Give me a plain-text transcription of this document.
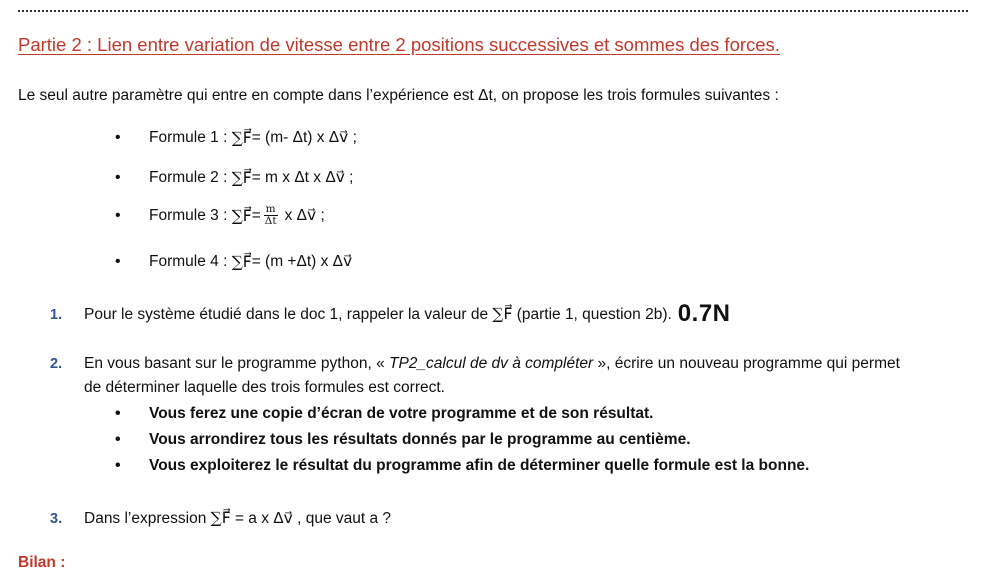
Partie 2 : Lien entre variation de vitesse entre 2 positions successives et sommes des forces.
Le seul autre paramètre qui entre en compte dans l’expérience est Δt, on propose les trois formules suivantes :
•	Formule 1 :
∑F⃗ = (m- Δt) x Δv⃗ ;
•	Formule 2 :
∑F⃗ = m x Δt x Δv⃗ ;
•	Formule 3 :
∑F⃗ = $\frac{m}{\Delta t}$ x Δv⃗ ;
•	Formule 4 :
∑F⃗ = (m +Δt) x Δv⃗
1. Pour le système étudié dans le doc 1, rappeler la valeur de ∑F⃗ (partie 1, question 2b). 0.7N
2. En vous basant sur le programme python, « TP2_calcul de dv à compléter », écrire un nouveau programme qui permet
de déterminer laquelle des trois formules est correct.
• Vous ferez une copie d’écran de votre programme et de son résultat.
• Vous arrondirez tous les résultats donnés par le programme au centième.
• Vous exploiterez le résultat du programme afin de déterminer quelle formule est la bonne.
3. Dans l’expression ∑F⃗ = a x Δv⃗ , que vaut a ?
Bilan :
